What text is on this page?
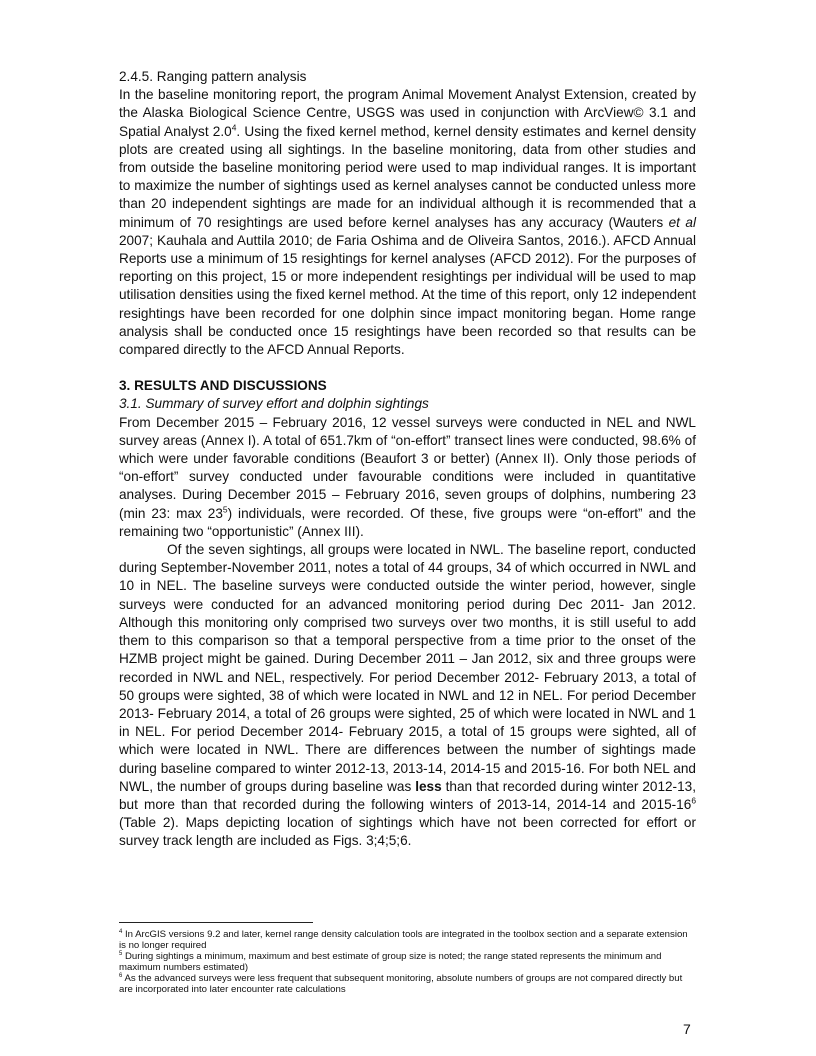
2.4.5. Ranging pattern analysis

In the baseline monitoring report, the program Animal Movement Analyst Extension, created by the Alaska Biological Science Centre, USGS was used in conjunction with ArcView© 3.1 and Spatial Analyst $2.0^4$. Using the fixed kernel method, kernel density estimates and kernel density plots are created using all sightings. In the baseline monitoring, data from other studies and from outside the baseline monitoring period were used to map individual ranges. It is important to maximize the number of sightings used as kernel analyses cannot be conducted unless more than 20 independent sightings are made for an individual although it is recommended that a minimum of 70 resightings are used before kernel analyses has any accuracy (Wauters et al 2007; Kauhala and Auttila 2010; de Faria Oshima and de Oliveira Santos, 2016.). AFCD Annual Reports use a minimum of 15 resightings for kernel analyses (AFCD 2012). For the purposes of reporting on this project, 15 or more independent resightings per individual will be used to map utilisation densities using the fixed kernel method. At the time of this report, only 12 independent resightings have been recorded for one dolphin since impact monitoring began. Home range analysis shall be conducted once 15 resightings have been recorded so that results can be compared directly to the AFCD Annual Reports.

3. RESULTS AND DISCUSSIONS

3.1. Summary of survey effort and dolphin sightings

From December 2015 – February 2016, 12 vessel surveys were conducted in NEL and NWL survey areas (Annex I). A total of 651.7km of “on-effort” transect lines were conducted, 98.6% of which were under favorable conditions (Beaufort 3 or better) (Annex II). Only those periods of “on-effort” survey conducted under favourable conditions were included in quantitative analyses. During December 2015 – February 2016, seven groups of dolphins, numbering 23 (min 23: $\max 23^5$) individuals, were recorded. Of these, five groups were “on-effort” and the remaining two “opportunistic” (Annex III).

Of the seven sightings, all groups were located in NWL. The baseline report, conducted during September-November 2011, notes a total of 44 groups, 34 of which occurred in NWL and 10 in NEL. The baseline surveys were conducted outside the winter period, however, single surveys were conducted for an advanced monitoring period during Dec 2011- Jan 2012. Although this monitoring only comprised two surveys over two months, it is still useful to add them to this comparison so that a temporal perspective from a time prior to the onset of the HZMB project might be gained. During December 2011 – Jan 2012, six and three groups were recorded in NWL and NEL, respectively. For period December 2012- February 2013, a total of 50 groups were sighted, 38 of which were located in NWL and 12 in NEL. For period December 2013- February 2014, a total of 26 groups were sighted, 25 of which were located in NWL and 1 in NEL. For period December 2014- February 2015, a total of 15 groups were sighted, all of which were located in NWL. There are differences between the number of sightings made during baseline compared to winter 2012-13, 2013-14, 2014-15 and 2015-16. For both NEL and NWL, the number of groups during baseline was less than that recorded during winter 2012-13, but more than that recorded during the following winters of 2013-14, 2014-14 and $2015-16^6$ (Table 2). Maps depicting location of sightings which have not been corrected for effort or survey track length are included as Figs. 3;4;5;6.

$^4$ In ArcGIS versions 9.2 and later, kernel range density calculation tools are integrated in the toolbox section and a separate extension is no longer required

$^5$ During sightings a minimum, maximum and best estimate of group size is noted; the range stated represents the minimum and maximum numbers estimated)

$^6$ As the advanced surveys were less frequent that subsequent monitoring, absolute numbers of groups are not compared directly but are incorporated into later encounter rate calculations

7
